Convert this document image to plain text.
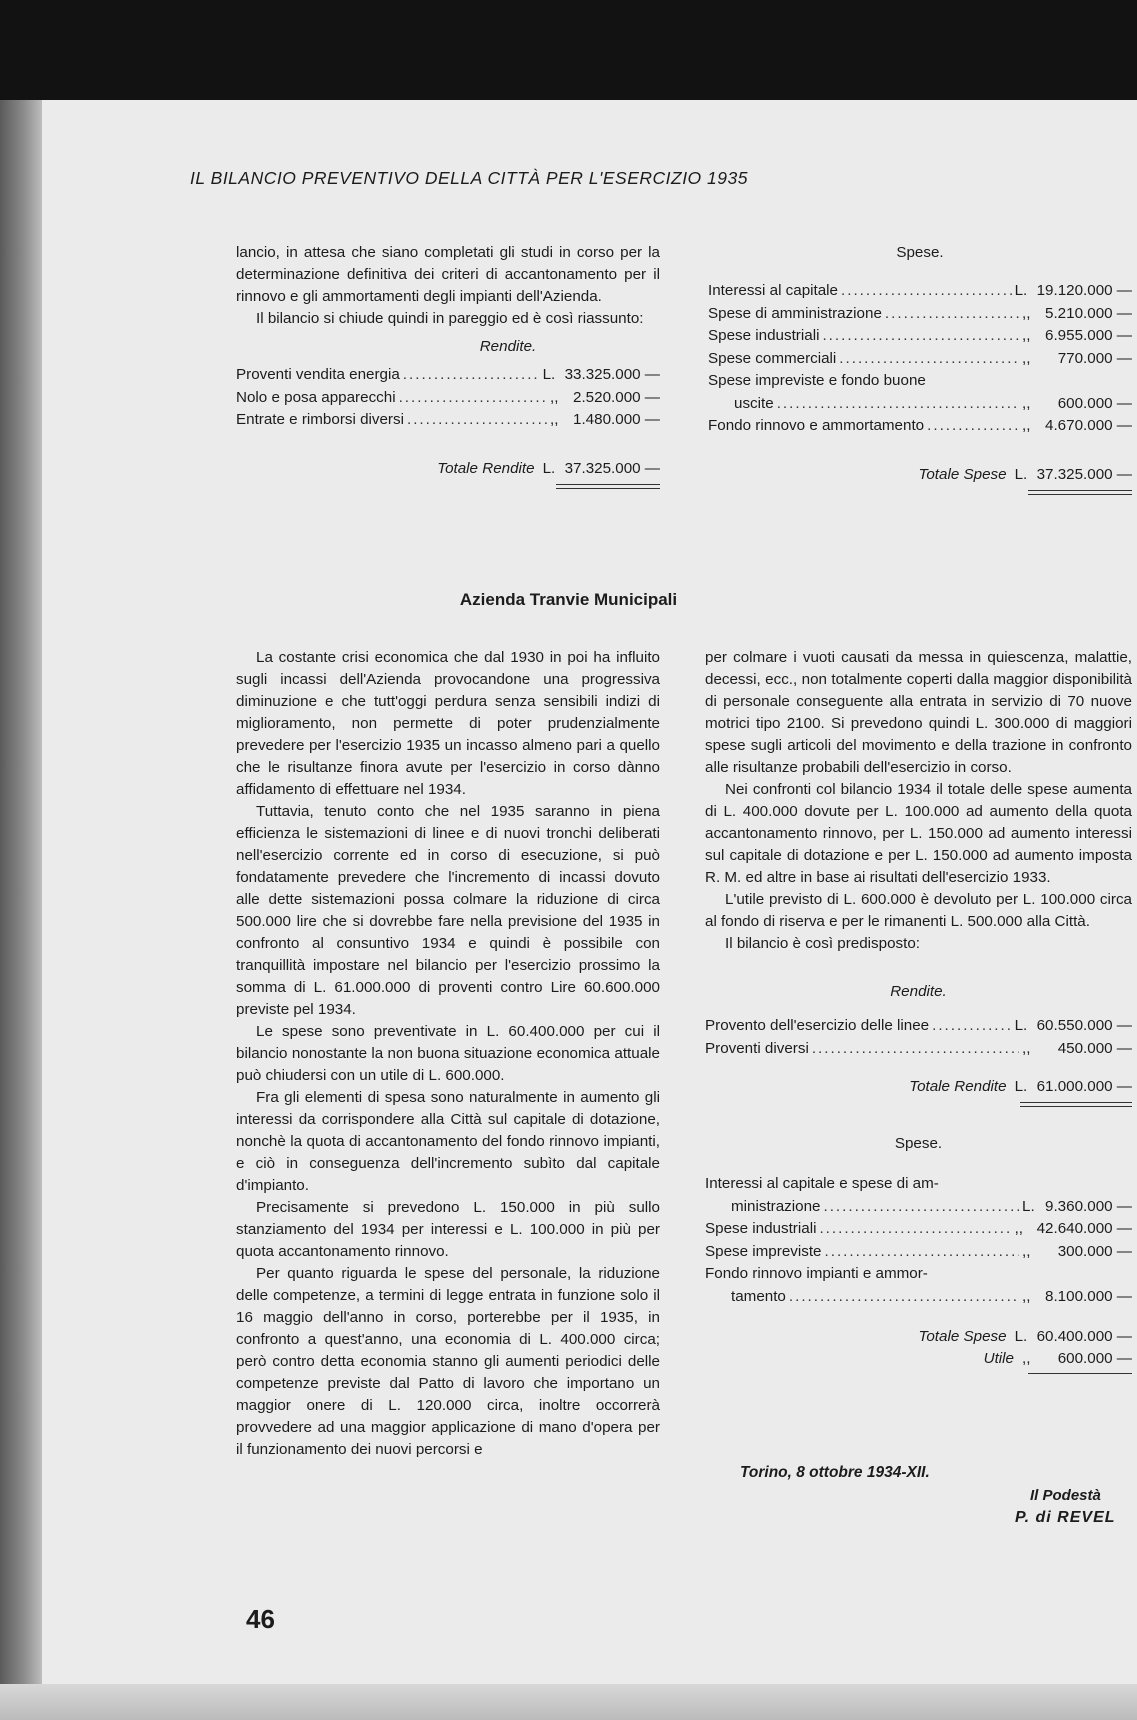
IL BILANCIO PREVENTIVO DELLA CITTÀ PER L'ESERCIZIO 1935

lancio, in attesa che siano completati gli studi in corso per la determinazione definitiva dei criteri di accantonamento per il rinnovo e gli ammortamenti degli impianti dell'Azienda.

Il bilancio si chiude quindi in pareggio ed è così riassunto:

Rendite.
Proventi vendita energia .....	L. 33.325.000 —
Nolo e posa apparecchi .....	,, 2.520.000 —
Entrate e rimborsi diversi .....	,, 1.480.000 —
Totale Rendite L. 37.325.000 —
Spese.
Interessi al capitale .....	L. 19.120.000 —
Spese di amministrazione .....	,, 5.210.000 —
Spese industriali .....	,, 6.955.000 —
Spese commerciali .....	,,	770.000 —
Spese impreviste e fondo buone
uscite .....	,,	600.000 —
Fondo rinnovo e ammortamento .....	,, 4.670.000 —
Totale Spese L. 37.325.000 —
Azienda Tranvie Municipali

La costante crisi economica che dal 1930 in poi ha influito sugli incassi dell'Azienda provocandone una progressiva diminuzione e che tutt'oggi perdura senza sensibili indizi di miglioramento, non permette di poter prudenzialmente prevedere per l'esercizio 1935 un incasso almeno pari a quello che le risultanze finora avute per l'esercizio in corso dànno affidamento di effettuare nel 1934.

Tuttavia, tenuto conto che nel 1935 saranno in piena efficienza le sistemazioni di linee e di nuovi tronchi deliberati nell'esercizio corrente ed in corso di esecuzione, si può fondatamente prevedere che l'incremento di incassi dovuto alle dette sistemazioni possa colmare la riduzione di circa 500.000 lire che si dovrebbe fare nella previsione del 1935 in confronto al consuntivo 1934 e quindi è possibile con tranquillità impostare nel bilancio per l'esercizio prossimo la somma di L. 61.000.000 di proventi contro Lire 60.600.000 previste pel 1934.

Le spese sono preventivate in L. 60.400.000 per cui il bilancio nonostante la non buona situazione economica attuale può chiudersi con un utile di L. 600.000.

Fra gli elementi di spesa sono naturalmente in aumento gli interessi da corrispondere alla Città sul capitale di dotazione, nonchè la quota di accantonamento del fondo rinnovo impianti, e ciò in conseguenza dell'incremento subìto dal capitale d'impianto.

Precisamente si prevedono L. 150.000 in più sullo stanziamento del 1934 per interessi e L. 100.000 in più per quota accantonamento rinnovo.

Per quanto riguarda le spese del personale, la riduzione delle competenze, a termini di legge entrata in funzione solo il 16 maggio dell'anno in corso, porterebbe per il 1935, in confronto a quest'anno, una economia di L. 400.000 circa; però contro detta economia stanno gli aumenti periodici delle competenze previste dal Patto di lavoro che importano un maggior onere di L. 120.000 circa, inoltre occorrerà provvedere ad una maggior applicazione di mano d'opera per il funzionamento dei nuovi percorsi e

per colmare i vuoti causati da messa in quiescenza, malattie, decessi, ecc., non totalmente coperti dalla maggior disponibilità di personale conseguente alla entrata in servizio di 70 nuove motrici tipo 2100. Si prevedono quindi L. 300.000 di maggiori spese sugli articoli del movimento e della trazione in confronto alle risultanze probabili dell'esercizio in corso.

Nei confronti col bilancio 1934 il totale delle spese aumenta di L. 400.000 dovute per L. 100.000 ad aumento della quota accantonamento rinnovo, per L. 150.000 ad aumento interessi sul capitale di dotazione e per L. 150.000 ad aumento imposta R. M. ed altre in base ai risultati dell'esercizio 1933.

L'utile previsto di L. 600.000 è devoluto per L. 100.000 circa al fondo di riserva e per le rimanenti L. 500.000 alla Città.

Il bilancio è così predisposto:

Rendite.
Provento dell'esercizio delle linee .....	L. 60.550.000 —
Proventi diversi .....	,,	450.000 —
Totale Rendite L. 61.000.000 —
Spese.
Interessi al capitale e spese di am-
ministrazione .....	L. 9.360.000 —
Spese industriali .....	,, 42.640.000 —
Spese impreviste .....	,,	300.000 —
Fondo rinnovo impianti e ammor-
tamento .....	,, 8.100.000 —
Totale Spese L. 60.400.000 —
Utile ,,	600.000 —
Torino, 8 ottobre 1934-XII.
Il Podestà
P. di REVEL
46
